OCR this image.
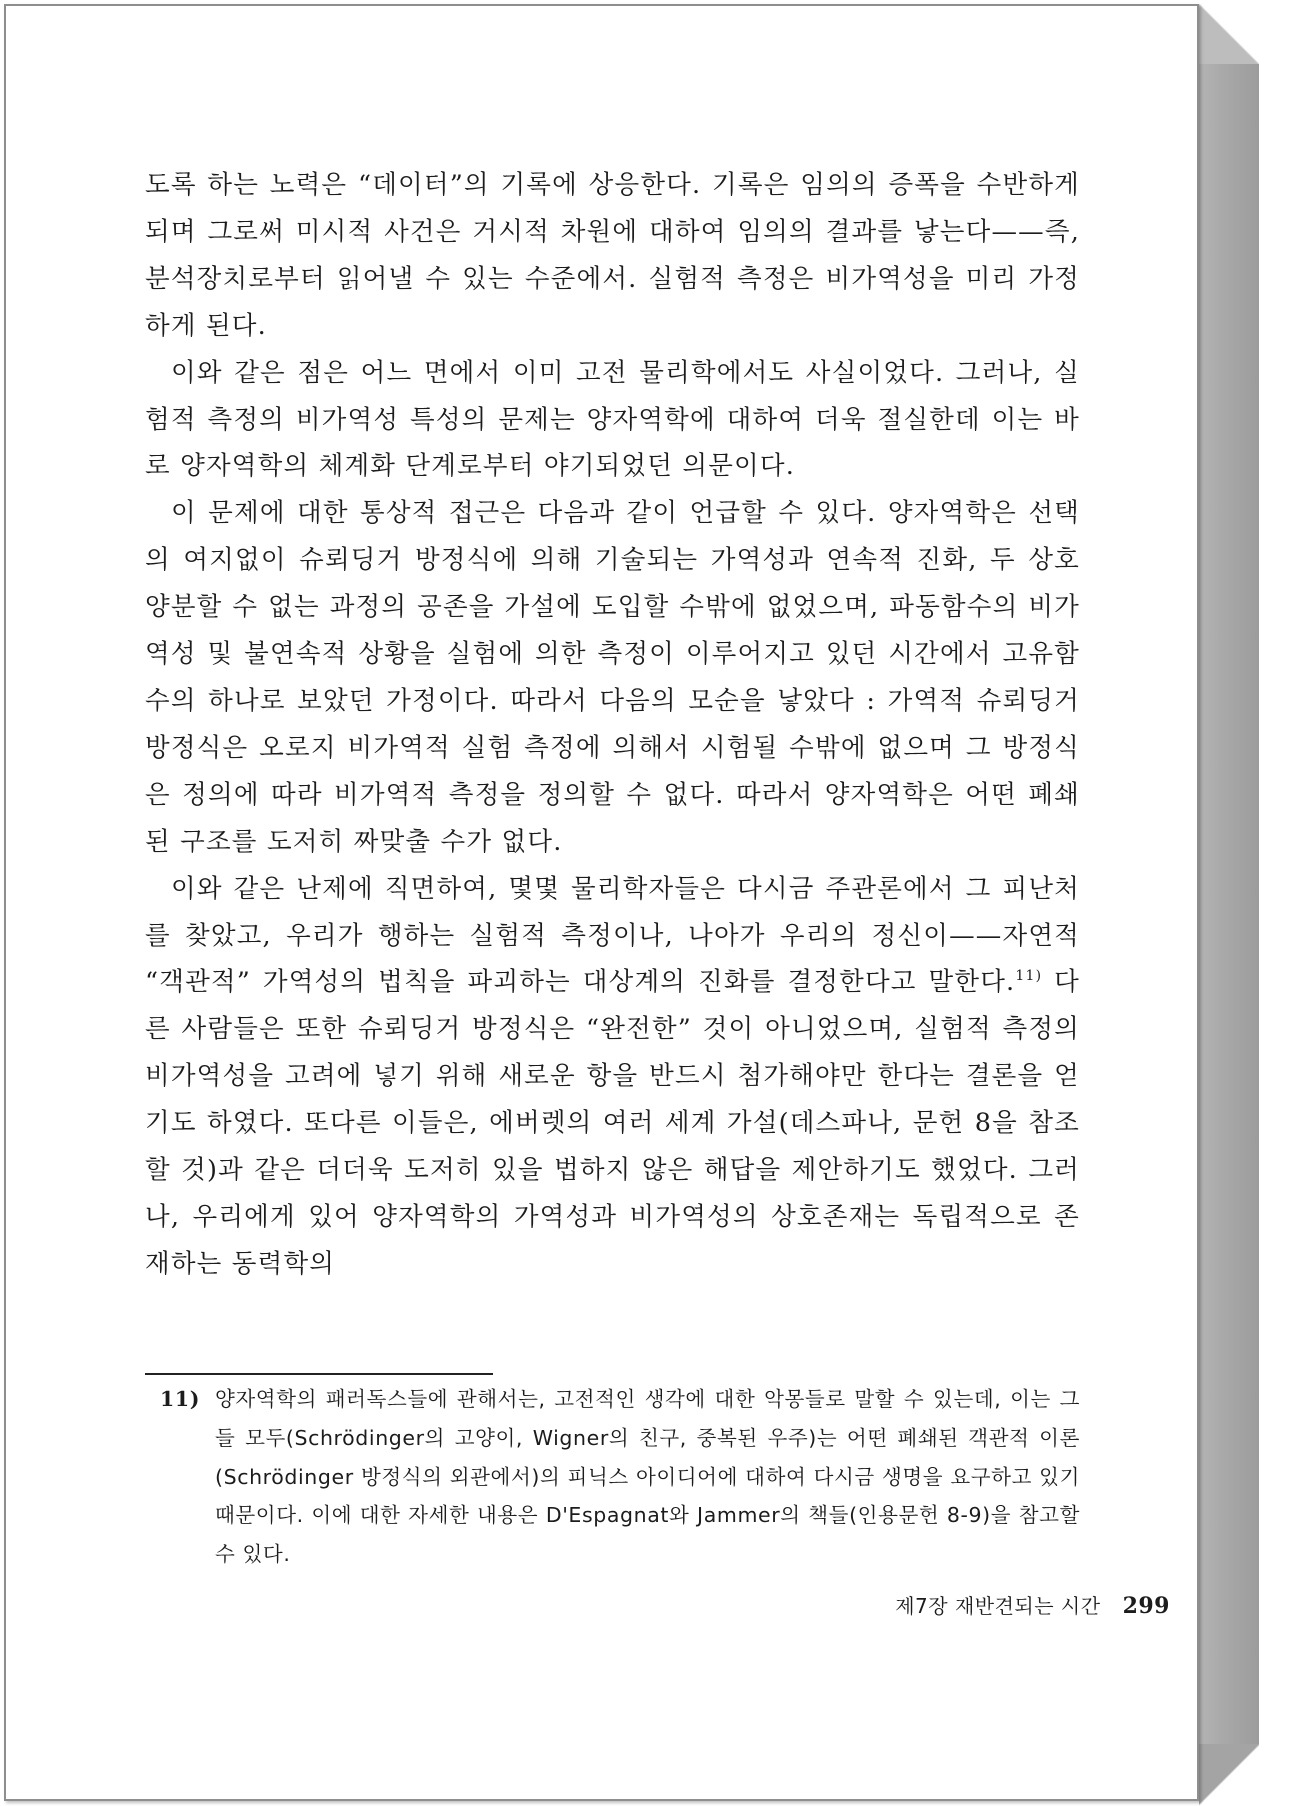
도록 하는 노력은 “데이터”의 기록에 상응한다. 기록은 임의의 증폭을 수반하게 되며 그로써 미시적 사건은 거시적 차원에 대하여 임의의 결과를 낳는다——즉, 분석장치로부터 읽어낼 수 있는 수준에서. 실험적 측정은 비가역성을 미리 가정하게 된다.

이와 같은 점은 어느 면에서 이미 고전 물리학에서도 사실이었다. 그러나, 실험적 측정의 비가역성 특성의 문제는 양자역학에 대하여 더욱 절실한데 이는 바로 양자역학의 체계화 단계로부터 야기되었던 의문이다.

이 문제에 대한 통상적 접근은 다음과 같이 언급할 수 있다. 양자역학은 선택의 여지없이 슈뢰딩거 방정식에 의해 기술되는 가역성과 연속적 진화, 두 상호 양분할 수 없는 과정의 공존을 가설에 도입할 수밖에 없었으며, 파동함수의 비가역성 및 불연속적 상황을 실험에 의한 측정이 이루어지고 있던 시간에서 고유함수의 하나로 보았던 가정이다. 따라서 다음의 모순을 낳았다 : 가역적 슈뢰딩거 방정식은 오로지 비가역적 실험 측정에 의해서 시험될 수밖에 없으며 그 방정식은 정의에 따라 비가역적 측정을 정의할 수 없다. 따라서 양자역학은 어떤 폐쇄된 구조를 도저히 짜맞출 수가 없다.

이와 같은 난제에 직면하여, 몇몇 물리학자들은 다시금 주관론에서 그 피난처를 찾았고, 우리가 행하는 실험적 측정이나, 나아가 우리의 정신이——자연적 “객관적” 가역성의 법칙을 파괴하는 대상계의 진화를 결정한다고 말한다.$^{11)}$ 다른 사람들은 또한 슈뢰딩거 방정식은 “완전한” 것이 아니었으며, 실험적 측정의 비가역성을 고려에 넣기 위해 새로운 항을 반드시 첨가해야만 한다는 결론을 얻기도 하였다. 또다른 이들은, 에버렛의 여러 세계 가설(데스파나, 문헌 8을 참조할 것)과 같은 더더욱 도저히 있을 법하지 않은 해답을 제안하기도 했었다. 그러나, 우리에게 있어 양자역학의 가역성과 비가역성의 상호존재는 독립적으로 존재하는 동력학의

11) 양자역학의 패러독스들에 관해서는, 고전적인 생각에 대한 악몽들로 말할 수 있는데, 이는 그들 모두(Schrödinger의 고양이, Wigner의 친구, 중복된 우주)는 어떤 폐쇄된 객관적 이론(Schrödinger 방정식의 외관에서)의 피닉스 아이디어에 대하여 다시금 생명을 요구하고 있기 때문이다. 이에 대한 자세한 내용은 D'Espagnat와 Jammer의 책들(인용문헌 8-9)을 참고할 수 있다.
제7장 재반견되는 시간 299
